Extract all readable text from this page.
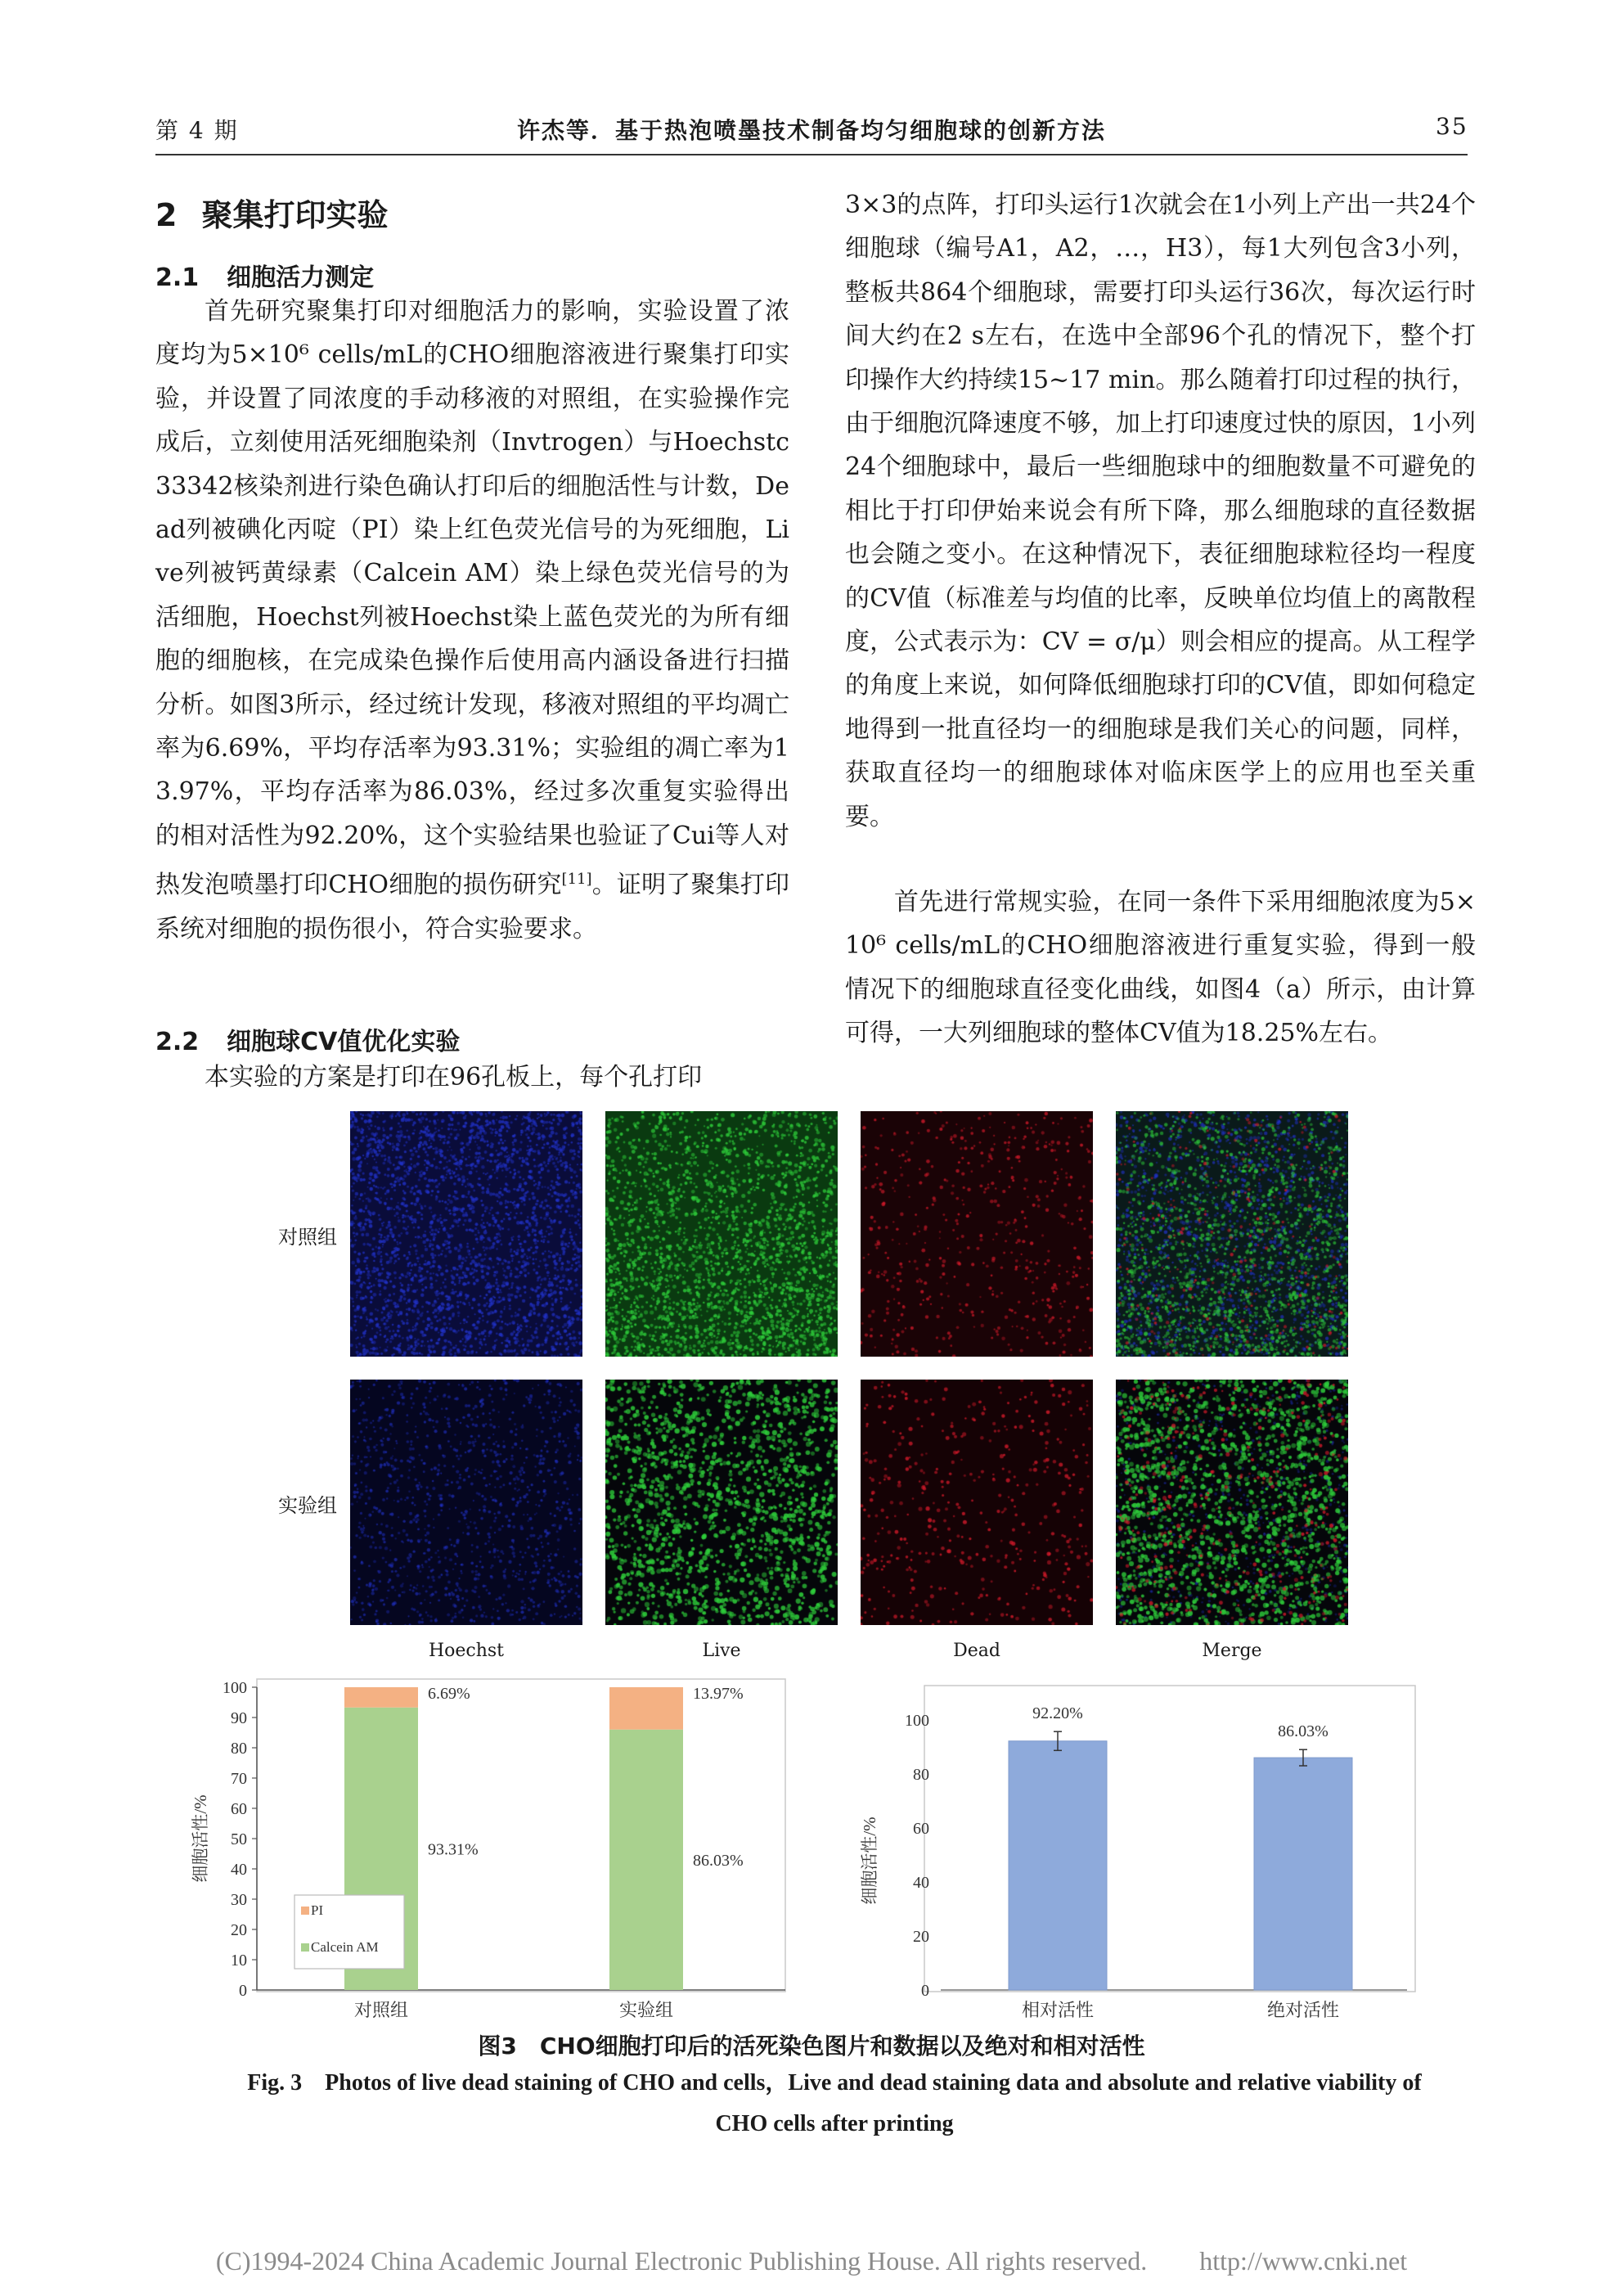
第 4 期	许杰等．基于热泡喷墨技术制备均匀细胞球的创新方法	35
2 聚集打印实验
2.1 细胞活力测定

首先研究聚集打印对细胞活力的影响，实验设置了浓度均为5×10⁶ cells/mL的CHO细胞溶液进行聚集打印实验，并设置了同浓度的手动移液的对照组，在实验操作完成后，立刻使用活死细胞染剂（Invtrogen）与Hoechstc33342核染剂进行染色确认打印后的细胞活性与计数，Dead列被碘化丙啶（PI）染上红色荧光信号的为死细胞，Live列被钙黄绿素（Calcein AM）染上绿色荧光信号的为活细胞，Hoechst列被Hoechst染上蓝色荧光的为所有细胞的细胞核，在完成染色操作后使用高内涵设备进行扫描分析。如图3所示，经过统计发现，移液对照组的平均凋亡率为6.69%，平均存活率为93.31%；实验组的凋亡率为13.97%，平均存活率为86.03%，经过多次重复实验得出的相对活性为92.20%，这个实验结果也验证了Cui等人对热发泡喷墨打印CHO细胞的损伤研究[11]。证明了聚集打印系统对细胞的损伤很小，符合实验要求。

2.2 细胞球CV值优化实验

本实验的方案是打印在96孔板上，每个孔打印

3×3的点阵，打印头运行1次就会在1小列上产出一共24个细胞球（编号A1，A2，…，H3），每1大列包含3小列，整板共864个细胞球，需要打印头运行36次，每次运行时间大约在2 s左右，在选中全部96个孔的情况下，整个打印操作大约持续15~17 min。那么随着打印过程的执行，由于细胞沉降速度不够，加上打印速度过快的原因，1小列24个细胞球中，最后一些细胞球中的细胞数量不可避免的相比于打印伊始来说会有所下降，那么细胞球的直径数据也会随之变小。在这种情况下，表征细胞球粒径均一程度的CV值（标准差与均值的比率，反映单位均值上的离散程度，公式表示为：CV = σ/μ）则会相应的提高。从工程学的角度上来说，如何降低细胞球打印的CV值，即如何稳定地得到一批直径均一的细胞球是我们关心的问题，同样，获取直径均一的细胞球体对临床医学上的应用也至关重要。

首先进行常规实验，在同一条件下采用细胞浓度为5×10⁶ cells/mL的CHO细胞溶液进行重复实验，得到一般情况下的细胞球直径变化曲线，如图4（a）所示，由计算可得，一大列细胞球的整体CV值为18.25%左右。

对照组
实验组
Hoechst	Live	Dead	Merge
0
10
20
30
40
50
60
70
80
90
100	6.69%
93.31%
对照组
13.97%
86.03%
实验组
细胞活性/%
PI
Calcein AM
0
20
40
60
80
100	92.20%
相对活性
86.03%
绝对活性
细胞活性/%
图3　CHO细胞打印后的活死染色图片和数据以及绝对和相对活性
Fig. 3　Photos of live dead staining of CHO and cells，Live and dead staining data and absolute and relative viability of
CHO cells after printing
(C)1994-2024 China Academic Journal Electronic Publishing House. All rights reserved.　　http://www.cnki.net
